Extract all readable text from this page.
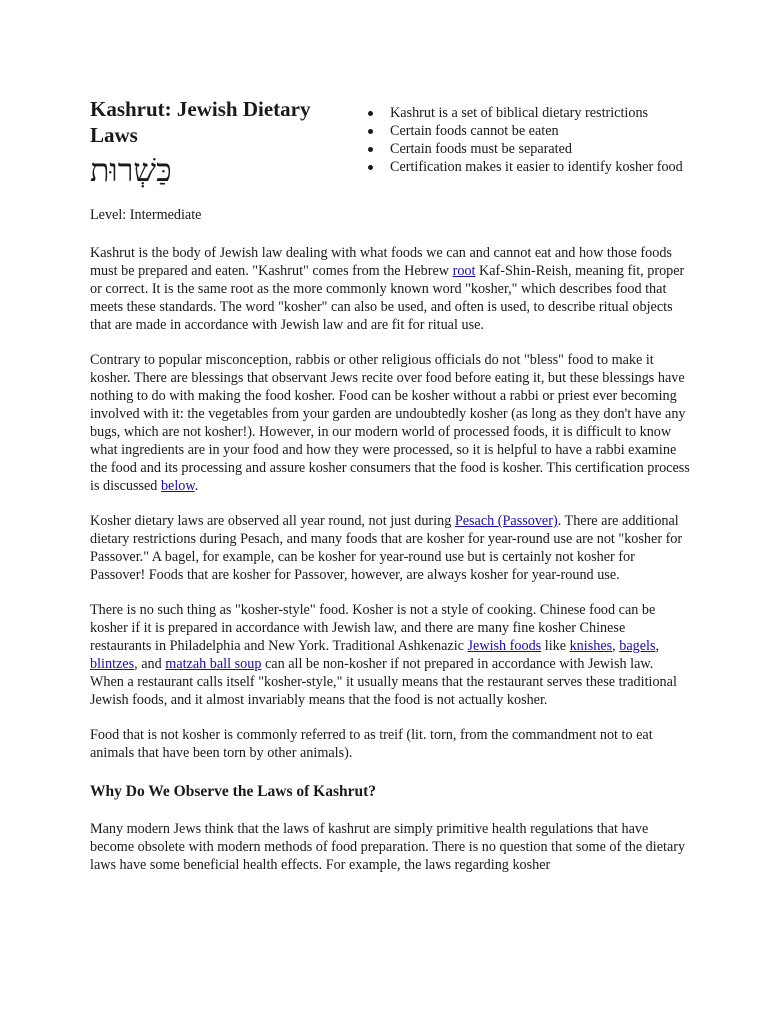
Kashrut: Jewish Dietary Laws
כַּשְׁרוּת
Kashrut is a set of biblical dietary restrictions
Certain foods cannot be eaten
Certain foods must be separated
Certification makes it easier to identify kosher food

Level: Intermediate

Kashrut is the body of Jewish law dealing with what foods we can and cannot eat and how those foods must be prepared and eaten. "Kashrut" comes from the Hebrew root Kaf-Shin-Reish, meaning fit, proper or correct. It is the same root as the more commonly known word "kosher," which describes food that meets these standards. The word "kosher" can also be used, and often is used, to describe ritual objects that are made in accordance with Jewish law and are fit for ritual use.

Contrary to popular misconception, rabbis or other religious officials do not "bless" food to make it kosher. There are blessings that observant Jews recite over food before eating it, but these blessings have nothing to do with making the food kosher. Food can be kosher without a rabbi or priest ever becoming involved with it: the vegetables from your garden are undoubtedly kosher (as long as they don't have any bugs, which are not kosher!). However, in our modern world of processed foods, it is difficult to know what ingredients are in your food and how they were processed, so it is helpful to have a rabbi examine the food and its processing and assure kosher consumers that the food is kosher. This certification process is discussed below.

Kosher dietary laws are observed all year round, not just during Pesach (Passover). There are additional dietary restrictions during Pesach, and many foods that are kosher for year-round use are not "kosher for Passover." A bagel, for example, can be kosher for year-round use but is certainly not kosher for Passover! Foods that are kosher for Passover, however, are always kosher for year-round use.

There is no such thing as "kosher-style" food. Kosher is not a style of cooking. Chinese food can be kosher if it is prepared in accordance with Jewish law, and there are many fine kosher Chinese restaurants in Philadelphia and New York. Traditional Ashkenazic Jewish foods like knishes, bagels, blintzes, and matzah ball soup can all be non-kosher if not prepared in accordance with Jewish law. When a restaurant calls itself "kosher-style," it usually means that the restaurant serves these traditional Jewish foods, and it almost invariably means that the food is not actually kosher.

Food that is not kosher is commonly referred to as treif (lit. torn, from the commandment not to eat animals that have been torn by other animals).

Why Do We Observe the Laws of Kashrut?

Many modern Jews think that the laws of kashrut are simply primitive health regulations that have become obsolete with modern methods of food preparation. There is no question that some of the dietary laws have some beneficial health effects. For example, the laws regarding kosher
